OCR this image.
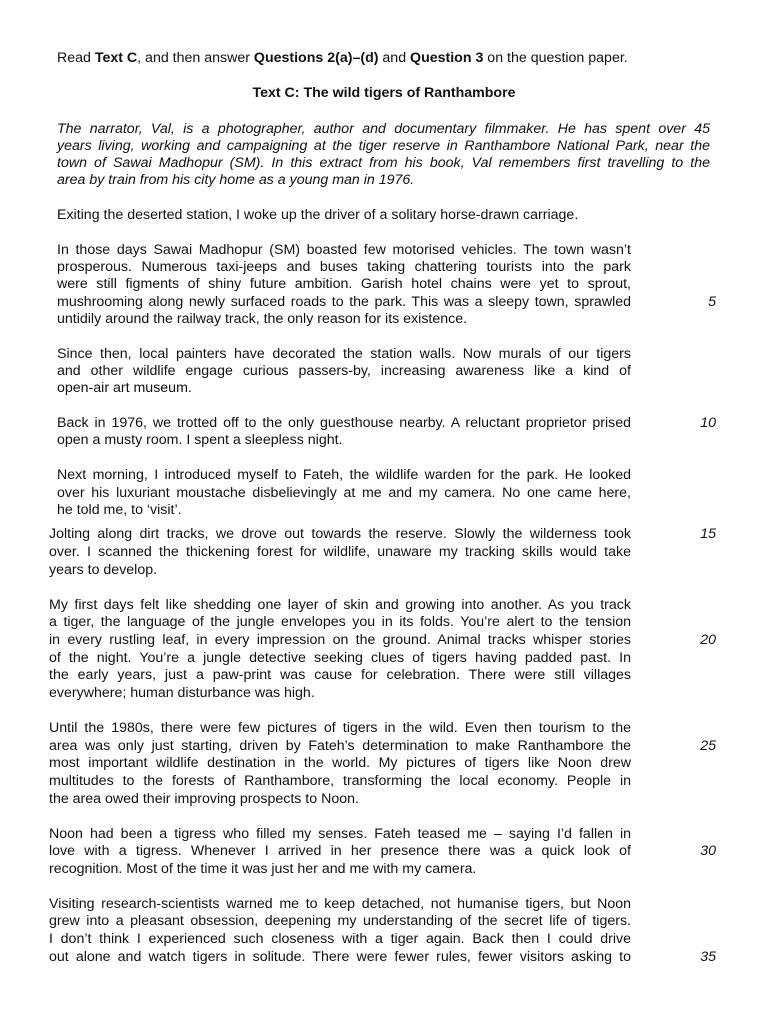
Read Text C, and then answer Questions 2(a)–(d) and Question 3 on the question paper.
Text C: The wild tigers of Ranthambore
The narrator, Val, is a photographer, author and documentary filmmaker. He has spent over 45
years living, working and campaigning at the tiger reserve in Ranthambore National Park, near the
town of Sawai Madhopur (SM). In this extract from his book, Val remembers first travelling to the
area by train from his city home as a young man in 1976.
Exiting the deserted station, I woke up the driver of a solitary horse-drawn carriage.
In those days Sawai Madhopur (SM) boasted few motorised vehicles. The town wasn’t
prosperous. Numerous taxi-jeeps and buses taking chattering tourists into the park
were still figments of shiny future ambition. Garish hotel chains were yet to sprout,
mushrooming along newly surfaced roads to the park. This was a sleepy town, sprawled
untidily around the railway track, the only reason for its existence.
Since then, local painters have decorated the station walls. Now murals of our tigers
and other wildlife engage curious passers-by, increasing awareness like a kind of
open-air art museum.
Back in 1976, we trotted off to the only guesthouse nearby. A reluctant proprietor prised
open a musty room. I spent a sleepless night.
Next morning, I introduced myself to Fateh, the wildlife warden for the park. He looked
over his luxuriant moustache disbelievingly at me and my camera. No one came here,
he told me, to ‘visit’.
Jolting along dirt tracks, we drove out towards the reserve. Slowly the wilderness took
over. I scanned the thickening forest for wildlife, unaware my tracking skills would take
years to develop.
My first days felt like shedding one layer of skin and growing into another. As you track
a tiger, the language of the jungle envelopes you in its folds. You’re alert to the tension
in every rustling leaf, in every impression on the ground. Animal tracks whisper stories
of the night. You’re a jungle detective seeking clues of tigers having padded past. In
the early years, just a paw-print was cause for celebration. There were still villages
everywhere; human disturbance was high.
Until the 1980s, there were few pictures of tigers in the wild. Even then tourism to the
area was only just starting, driven by Fateh’s determination to make Ranthambore the
most important wildlife destination in the world. My pictures of tigers like Noon drew
multitudes to the forests of Ranthambore, transforming the local economy. People in
the area owed their improving prospects to Noon.
Noon had been a tigress who filled my senses. Fateh teased me – saying I’d fallen in
love with a tigress. Whenever I arrived in her presence there was a quick look of
recognition. Most of the time it was just her and me with my camera.
Visiting research-scientists warned me to keep detached, not humanise tigers, but Noon
grew into a pleasant obsession, deepening my understanding of the secret life of tigers.
I don’t think I experienced such closeness with a tiger again. Back then I could drive
out alone and watch tigers in solitude. There were fewer rules, fewer visitors asking to
5
10
15
20
25
30
35
